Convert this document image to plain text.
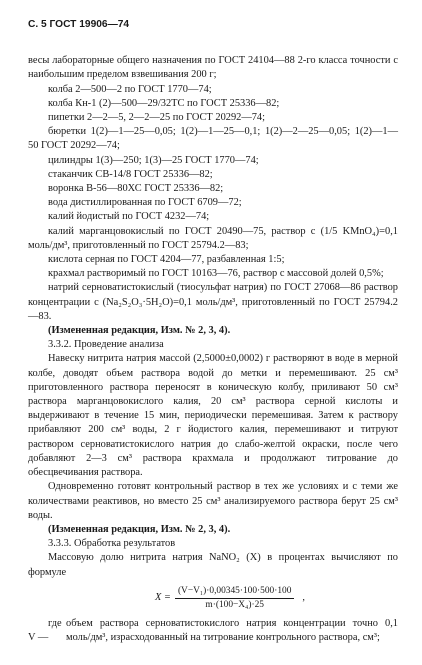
С. 5 ГОСТ 19906—74
весы лабораторные общего назначения по ГОСТ 24104—88 2-го класса точности с наибольшим пределом взвешивания 200 г;
колба 2—500—2 по ГОСТ 1770—74;
колба Кн-1 (2)—500—29/32ТС по ГОСТ 25336—82;
пипетки 2—2—5, 2—2—25 по ГОСТ 20292—74;
бюретки 1(2)—1—25—0,05; 1(2)—1—25—0,1; 1(2)—2—25—0,05; 1(2)—1—50 ГОСТ 20292—74;
цилиндры 1(3)—250; 1(3)—25 ГОСТ 1770—74;
стаканчик СВ-14/8 ГОСТ 25336—82;
воронка В-56—80ХС ГОСТ 25336—82;
вода дистиллированная по ГОСТ 6709—72;
калий йодистый по ГОСТ 4232—74;
калий марганцовокислый по ГОСТ 20490—75, раствор с (1/5 KMnO₄)=0,1 моль/дм³, приготовленный по ГОСТ 25794.2—83;
кислота серная по ГОСТ 4204—77, разбавленная 1:5;
крахмал растворимый по ГОСТ 10163—76, раствор с массовой долей 0,5%;
натрий серноватистокислый (тиосульфат натрия) по ГОСТ 27068—86 раствор концентрации с (Na₂S₂O₃·5H₂O)=0,1 моль/дм³, приготовленный по ГОСТ 25794.2—83.
(Измененная редакция, Изм. № 2, 3, 4).
3.3.2. Проведение анализа
Навеску нитрита натрия массой (2,5000±0,0002) г растворяют в воде в мерной колбе, доводят объем раствора водой до метки и перемешивают. 25 см³ приготовленного раствора переносят в коническую колбу, приливают 50 см³ раствора марганцовокислого калия, 20 см³ раствора серной кислоты и выдерживают в течение 15 мин, периодически перемешивая. Затем к раствору прибавляют 200 см³ воды, 2 г йодистого калия, перемешивают и титруют раствором серноватистокислого натрия до слабо-желтой окраски, после чего добавляют 2—3 см³ раствора крахмала и продолжают титрование до обесцвечивания раствора.
Одновременно готовят контрольный раствор в тех же условиях и с теми же количествами реактивов, но вместо 25 см³ анализируемого раствора берут 25 см³ воды.
(Измененная редакция, Изм. № 2, 3, 4).
3.3.3. Обработка результатов
Массовую долю нитрита натрия NaNO₂ (X) в процентах вычисляют по формуле
$X = \frac{\text{(V−V₁)·0,00345·100·500·100}}{\text{m·(100−X₄)·25}}$ ,
где V —
объем раствора серноватистокислого натрия концентрации точно 0,1 моль/дм³, израсходованный на титрование контрольного раствора, см³;
